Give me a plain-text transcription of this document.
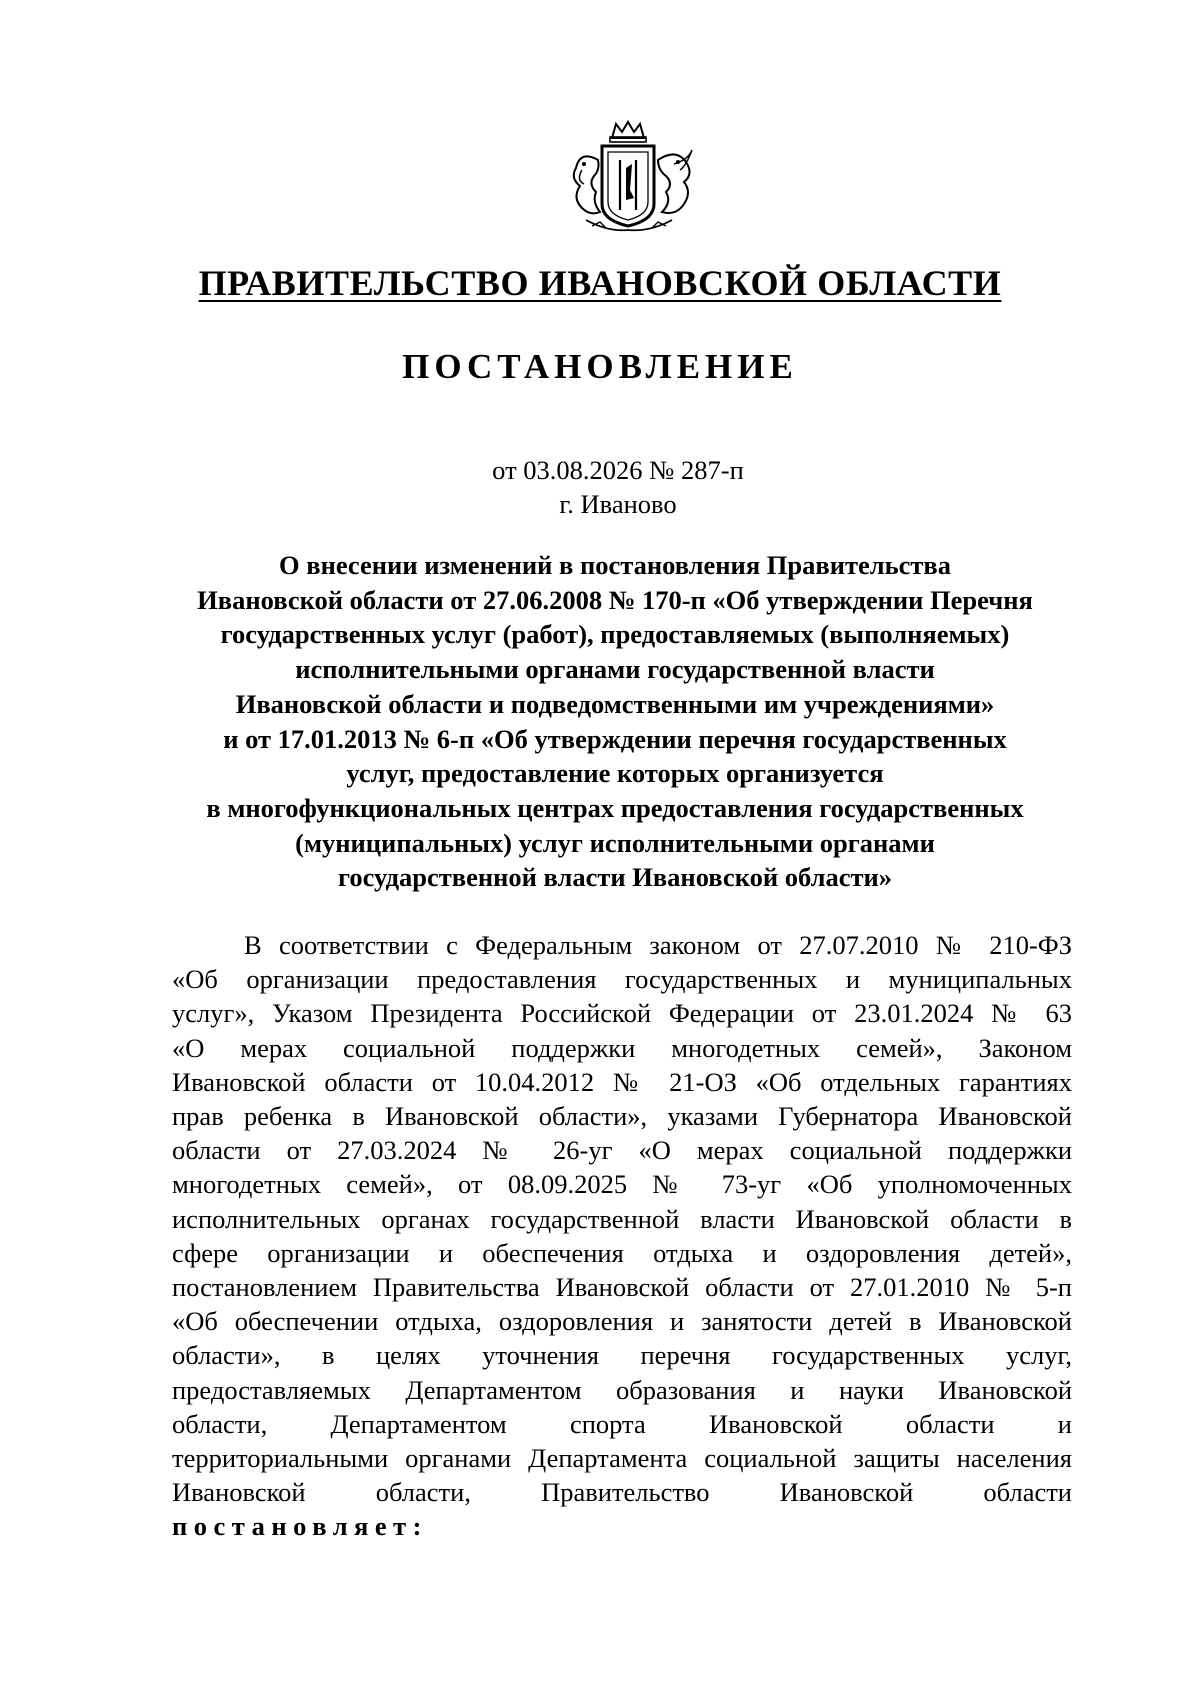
ПРАВИТЕЛЬСТВО ИВАНОВСКОЙ ОБЛАСТИ
ПОСТАНОВЛЕНИЕ
от 03.08.2026 № 287-п
г. Иваново
О внесении изменений в постановления Правительства
Ивановской области от 27.06.2008 № 170-п «Об утверждении Перечня
государственных услуг (работ), предоставляемых (выполняемых)
исполнительными органами государственной власти
Ивановской области и подведомственными им учреждениями»
и от 17.01.2013 № 6-п «Об утверждении перечня государственных
услуг, предоставление которых организуется
в многофункциональных центрах предоставления государственных
(муниципальных) услуг исполнительными органами
государственной власти Ивановской области»
В соответствии с Федеральным законом от 27.07.2010 № 210-ФЗ
«Об организации предоставления государственных и муниципальных
услуг», Указом Президента Российской Федерации от 23.01.2024 № 63
«О мерах социальной поддержки многодетных семей», Законом
Ивановской области от 10.04.2012 № 21-ОЗ «Об отдельных гарантиях
прав ребенка в Ивановской области», указами Губернатора Ивановской
области от 27.03.2024 № 26-уг «О мерах социальной поддержки
многодетных семей», от 08.09.2025 № 73-уг «Об уполномоченных
исполнительных органах государственной власти Ивановской области в
сфере организации и обеспечения отдыха и оздоровления детей»,
постановлением Правительства Ивановской области от 27.01.2010 № 5-п
«Об обеспечении отдыха, оздоровления и занятости детей в Ивановской
области», в целях уточнения перечня государственных услуг,
предоставляемых Департаментом образования и науки Ивановской
области, Департаментом спорта Ивановской области и
территориальными органами Департамента социальной защиты населения
Ивановской области, Правительство Ивановской области
постановляет:
